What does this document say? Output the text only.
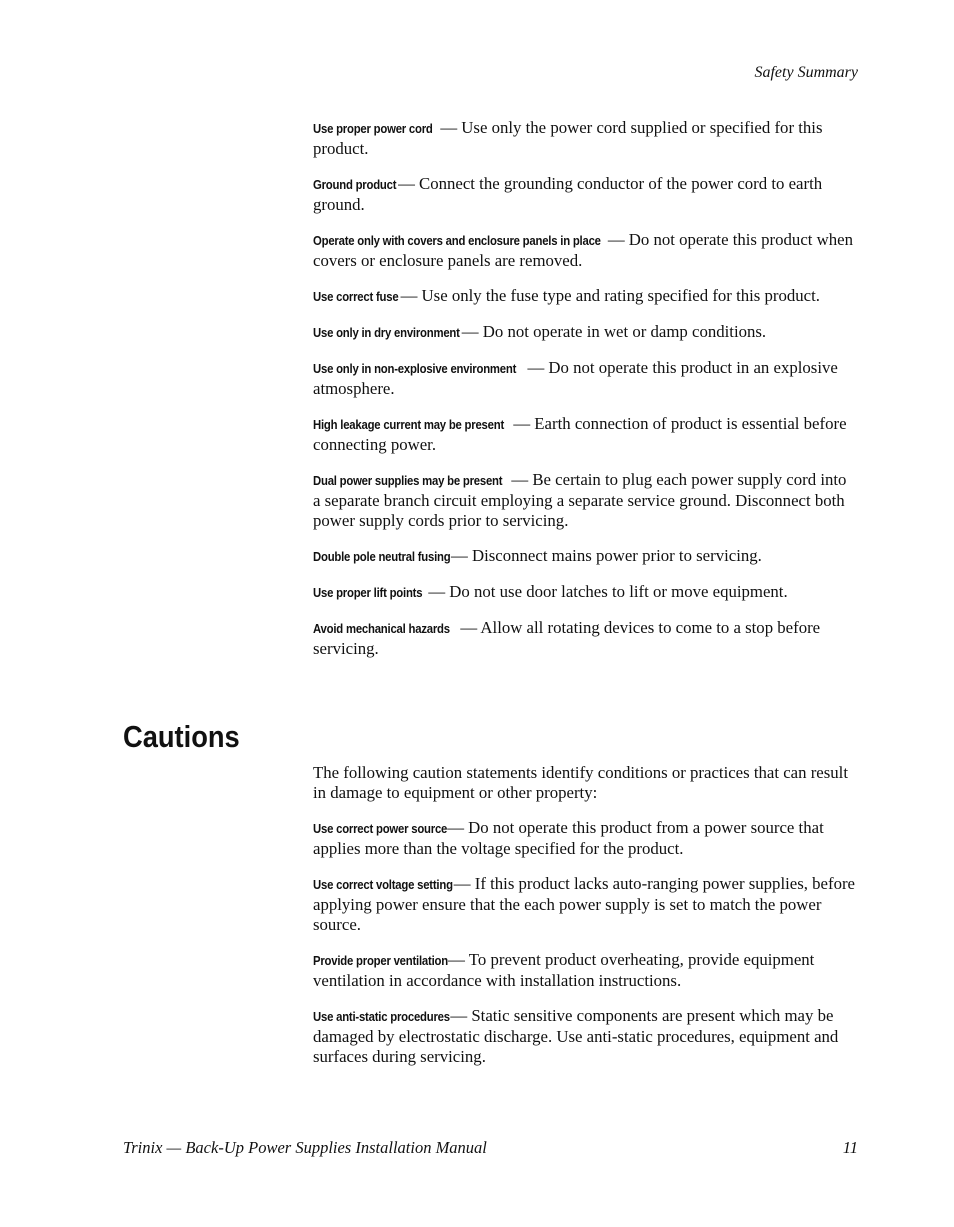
Safety Summary

Use proper power cord — Use only the power cord supplied or specified for this product.

Ground product — Connect the grounding conductor of the power cord to earth ground.

Operate only with covers and enclosure panels in place — Do not operate this product when covers or enclosure panels are removed.

Use correct fuse — Use only the fuse type and rating specified for this product.

Use only in dry environment — Do not operate in wet or damp conditions.

Use only in non-explosive environment — Do not operate this product in an explosive atmosphere.

High leakage current may be present — Earth connection of product is essential before connecting power.

Dual power supplies may be present — Be certain to plug each power supply cord into a separate branch circuit employing a separate service ground. Disconnect both power supply cords prior to servicing.

Double pole neutral fusing — Disconnect mains power prior to servicing.

Use proper lift points — Do not use door latches to lift or move equipment.

Avoid mechanical hazards — Allow all rotating devices to come to a stop before servicing.

Cautions

The following caution statements identify conditions or practices that can result in damage to equipment or other property:

Use correct power source — Do not operate this product from a power source that applies more than the voltage specified for the product.

Use correct voltage setting — If this product lacks auto-ranging power supplies, before applying power ensure that the each power supply is set to match the power source.

Provide proper ventilation — To prevent product overheating, provide equipment ventilation in accordance with installation instructions.

Use anti-static procedures — Static sensitive components are present which may be damaged by electrostatic discharge. Use anti-static procedures, equipment and surfaces during servicing.

Trinix — Back-Up Power Supplies Installation Manual	11
